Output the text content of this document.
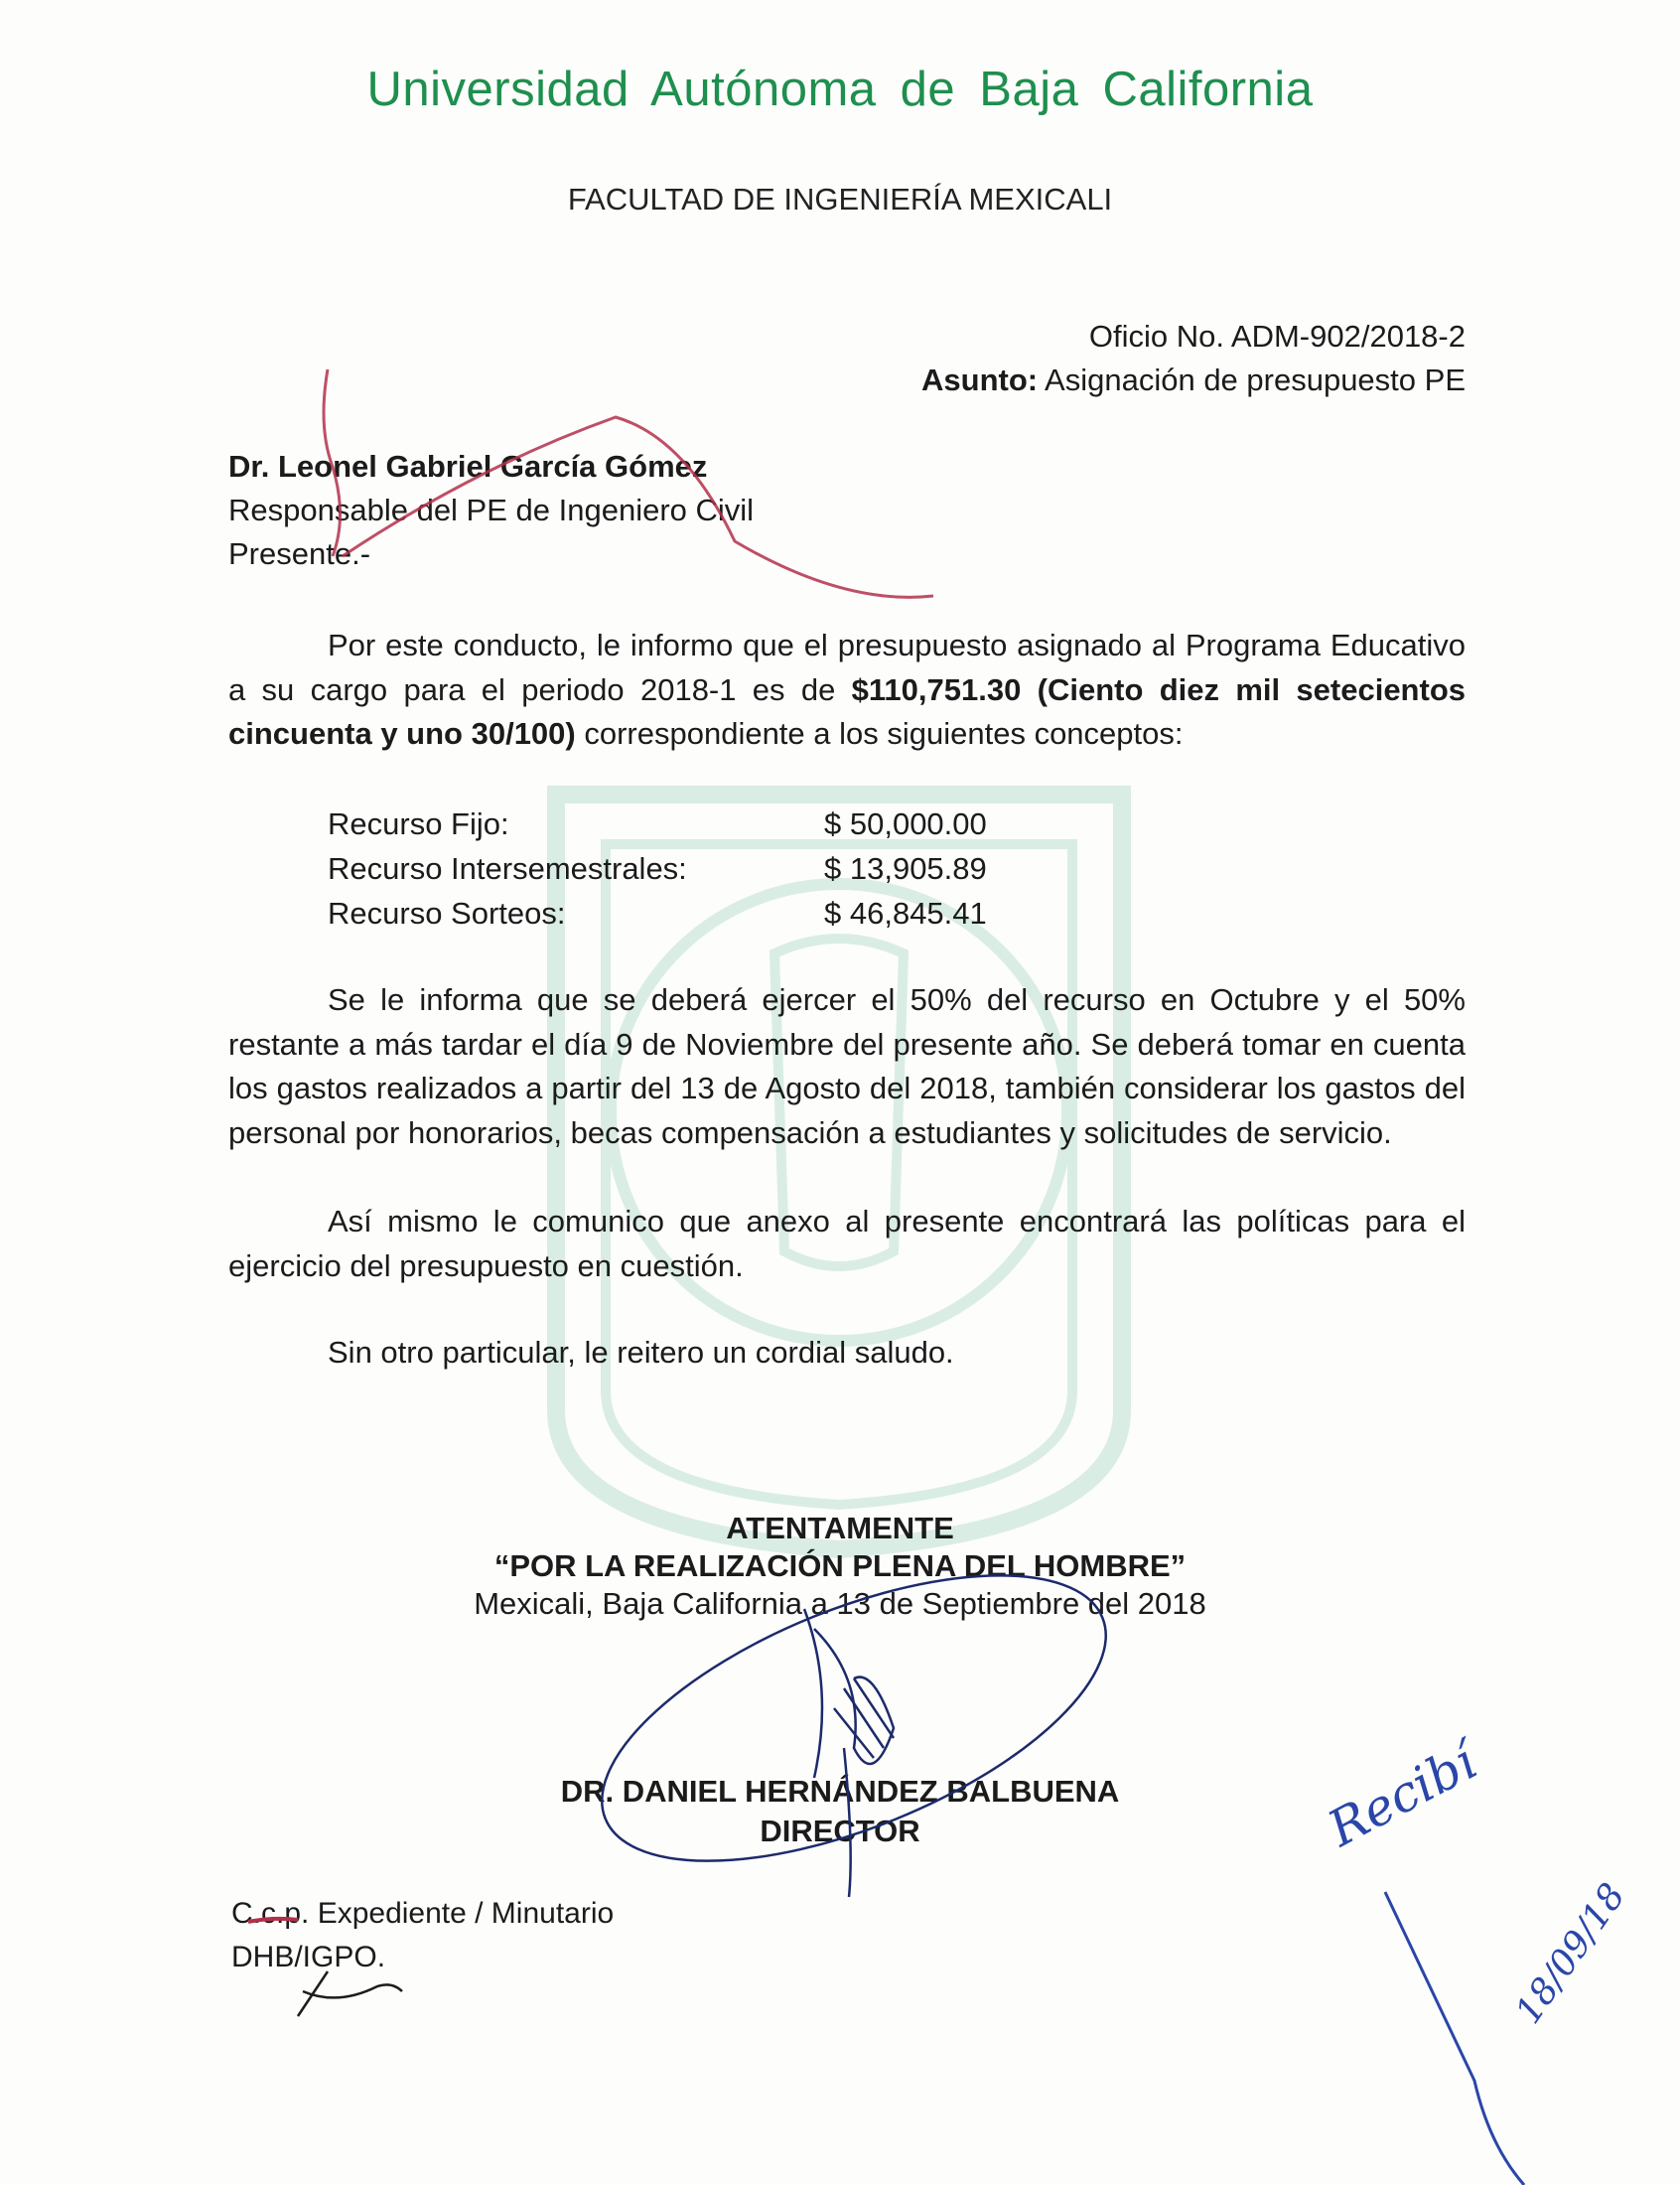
Universidad Autónoma de Baja California
FACULTAD DE INGENIERÍA MEXICALI
Oficio No. ADM-902/2018-2
Asunto: Asignación de presupuesto PE
Dr. Leonel Gabriel García Gómez
Responsable del PE de Ingeniero Civil
Presente.-
Por este conducto, le informo que el presupuesto asignado al Programa Educativo a su cargo para el periodo 2018-1 es de $110,751.30 (Ciento diez mil setecientos cincuenta y uno 30/100) correspondiente a los siguientes conceptos:
Recurso Fijo:	$ 50,000.00
Recurso Intersemestrales:	$ 13,905.89
Recurso Sorteos:	$ 46,845.41
Se le informa que se deberá ejercer el 50% del recurso en Octubre y el 50% restante a más tardar el día 9 de Noviembre del presente año. Se deberá tomar en cuenta los gastos realizados a partir del 13 de Agosto del 2018, también considerar los gastos del personal por honorarios, becas compensación a estudiantes y solicitudes de servicio.
Así mismo le comunico que anexo al presente encontrará las políticas para el ejercicio del presupuesto en cuestión.
Sin otro particular, le reitero un cordial saludo.
ATENTAMENTE
“POR LA REALIZACIÓN PLENA DEL HOMBRE”
Mexicali, Baja California a 13 de Septiembre del 2018
DR. DANIEL HERNÁNDEZ BALBUENA
DIRECTOR
C.c.p. Expediente / Minutario
DHB/IGPO.
Recibí
18/09/18
